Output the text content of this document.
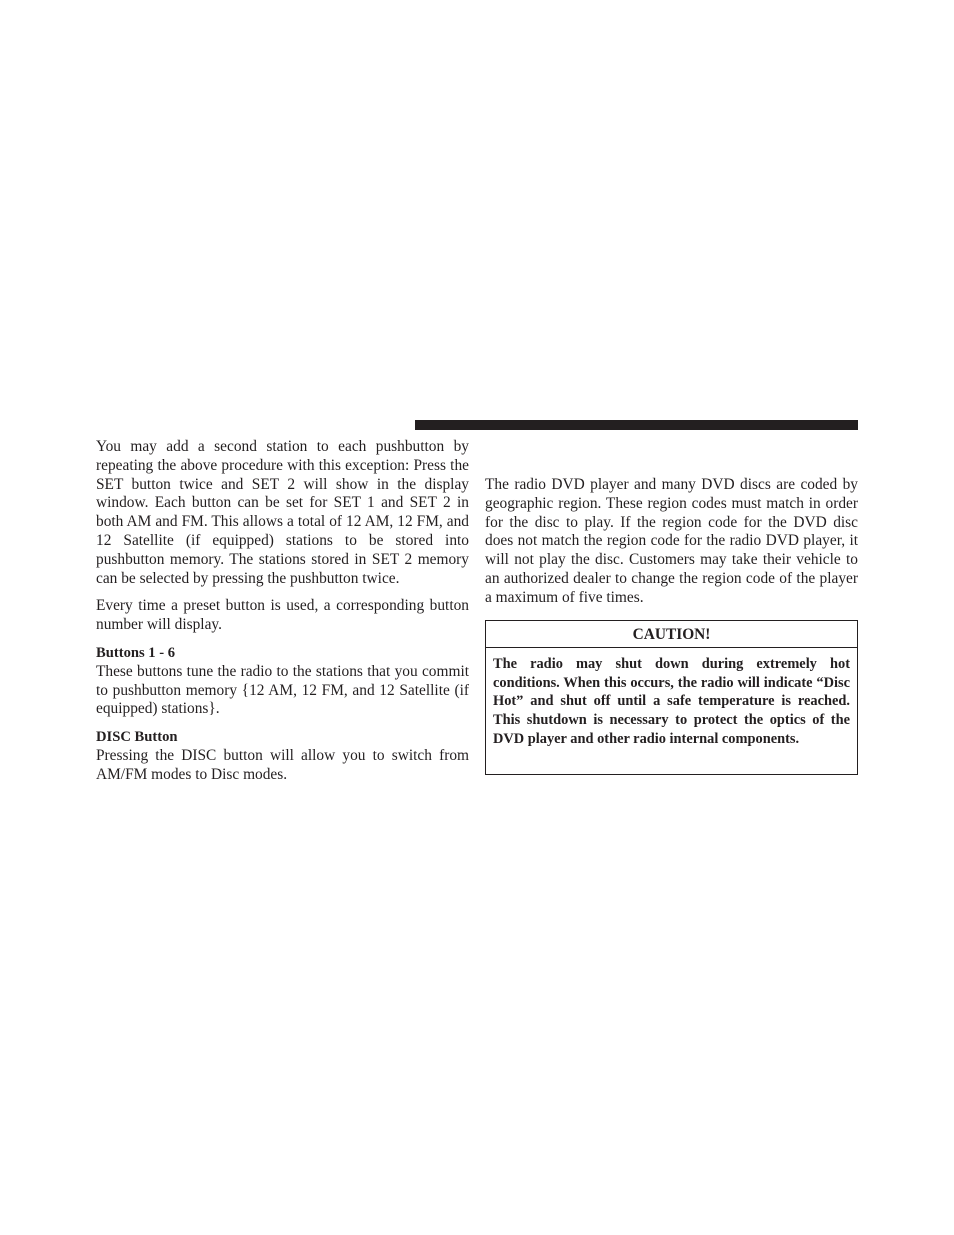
You may add a second station to each pushbutton by repeating the above procedure with this exception: Press the SET button twice and SET 2 will show in the display window. Each button can be set for SET 1 and SET 2 in both AM and FM. This allows a total of 12 AM, 12 FM, and 12 Satellite (if equipped) stations to be stored into pushbutton memory. The stations stored in SET 2 memory can be selected by pressing the pushbutton twice.

Every time a preset button is used, a corresponding button number will display.

Buttons 1 - 6

These buttons tune the radio to the stations that you commit to pushbutton memory {12 AM, 12 FM, and 12 Satellite (if equipped) stations}.

DISC Button

Pressing the DISC button will allow you to switch from AM/FM modes to Disc modes.

The radio DVD player and many DVD discs are coded by geographic region. These region codes must match in order for the disc to play. If the region code for the DVD disc does not match the region code for the radio DVD player, it will not play the disc. Customers may take their vehicle to an authorized dealer to change the region code of the player a maximum of five times.

CAUTION!
The radio may shut down during extremely hot conditions. When this occurs, the radio will indicate “Disc Hot” and shut off until a safe temperature is reached. This shutdown is necessary to protect the optics of the DVD player and other radio internal components.
